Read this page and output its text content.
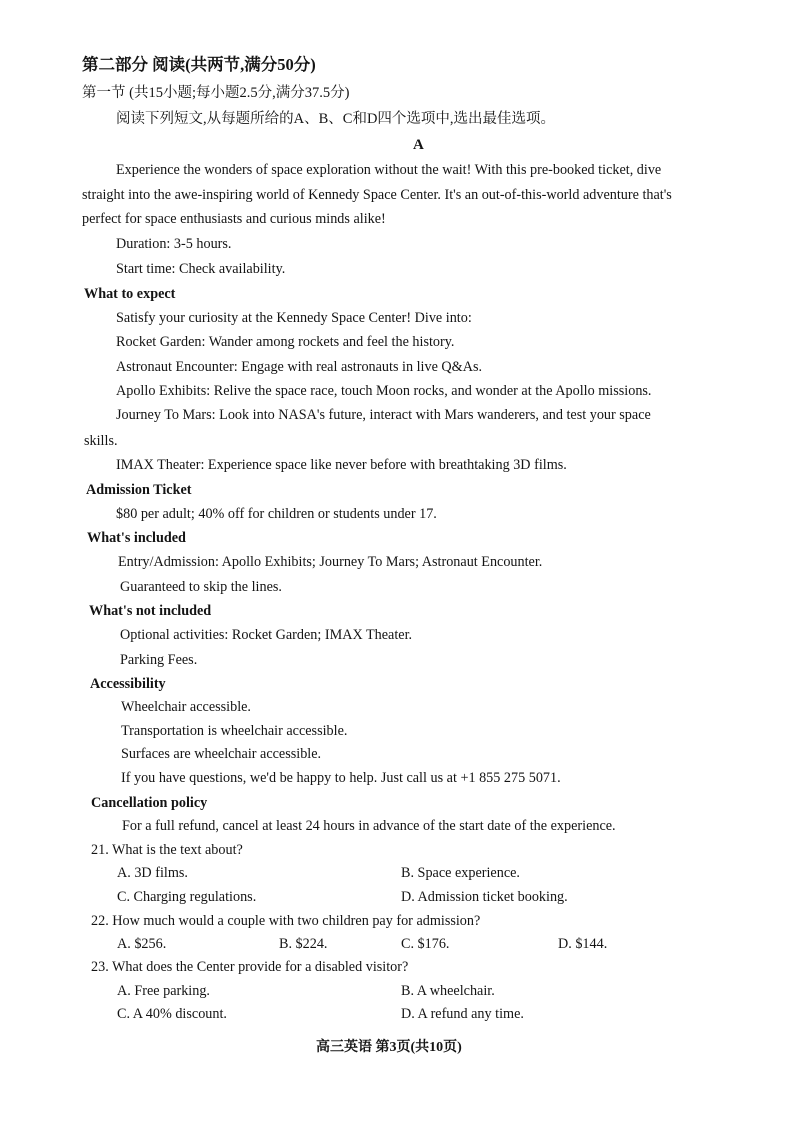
第二部分 阅读(共两节,满分50分)
第一节 (共15小题;每小题2.5分,满分37.5分)
阅读下列短文,从每题所给的A、B、C和D四个选项中,选出最佳选项。
A
Experience the wonders of space exploration without the wait! With this pre-booked ticket, dive
straight into the awe-inspiring world of Kennedy Space Center. It's an out-of-this-world adventure that's
perfect for space enthusiasts and curious minds alike!
Duration: 3-5 hours.
Start time: Check availability.
What to expect
Satisfy your curiosity at the Kennedy Space Center! Dive into:
Rocket Garden: Wander among rockets and feel the history.
Astronaut Encounter: Engage with real astronauts in live Q&As.
Apollo Exhibits: Relive the space race, touch Moon rocks, and wonder at the Apollo missions.
Journey To Mars: Look into NASA's future, interact with Mars wanderers, and test your space
skills.
IMAX Theater: Experience space like never before with breathtaking 3D films.
Admission Ticket
$80 per adult; 40% off for children or students under 17.
What's included
Entry/Admission: Apollo Exhibits; Journey To Mars; Astronaut Encounter.
Guaranteed to skip the lines.
What's not included
Optional activities: Rocket Garden; IMAX Theater.
Parking Fees.
Accessibility
Wheelchair accessible.
Transportation is wheelchair accessible.
Surfaces are wheelchair accessible.
If you have questions, we'd be happy to help. Just call us at +1 855 275 5071.
Cancellation policy
For a full refund, cancel at least 24 hours in advance of the start date of the experience.
21. What is the text about?
A. 3D films.	B. Space experience.
C. Charging regulations.	D. Admission ticket booking.
22. How much would a couple with two children pay for admission?
A. $256.	B. $224.	C. $176.	D. $144.
23. What does the Center provide for a disabled visitor?
A. Free parking.	B. A wheelchair.
C. A 40% discount.	D. A refund any time.
高三英语 第3页(共10页)
